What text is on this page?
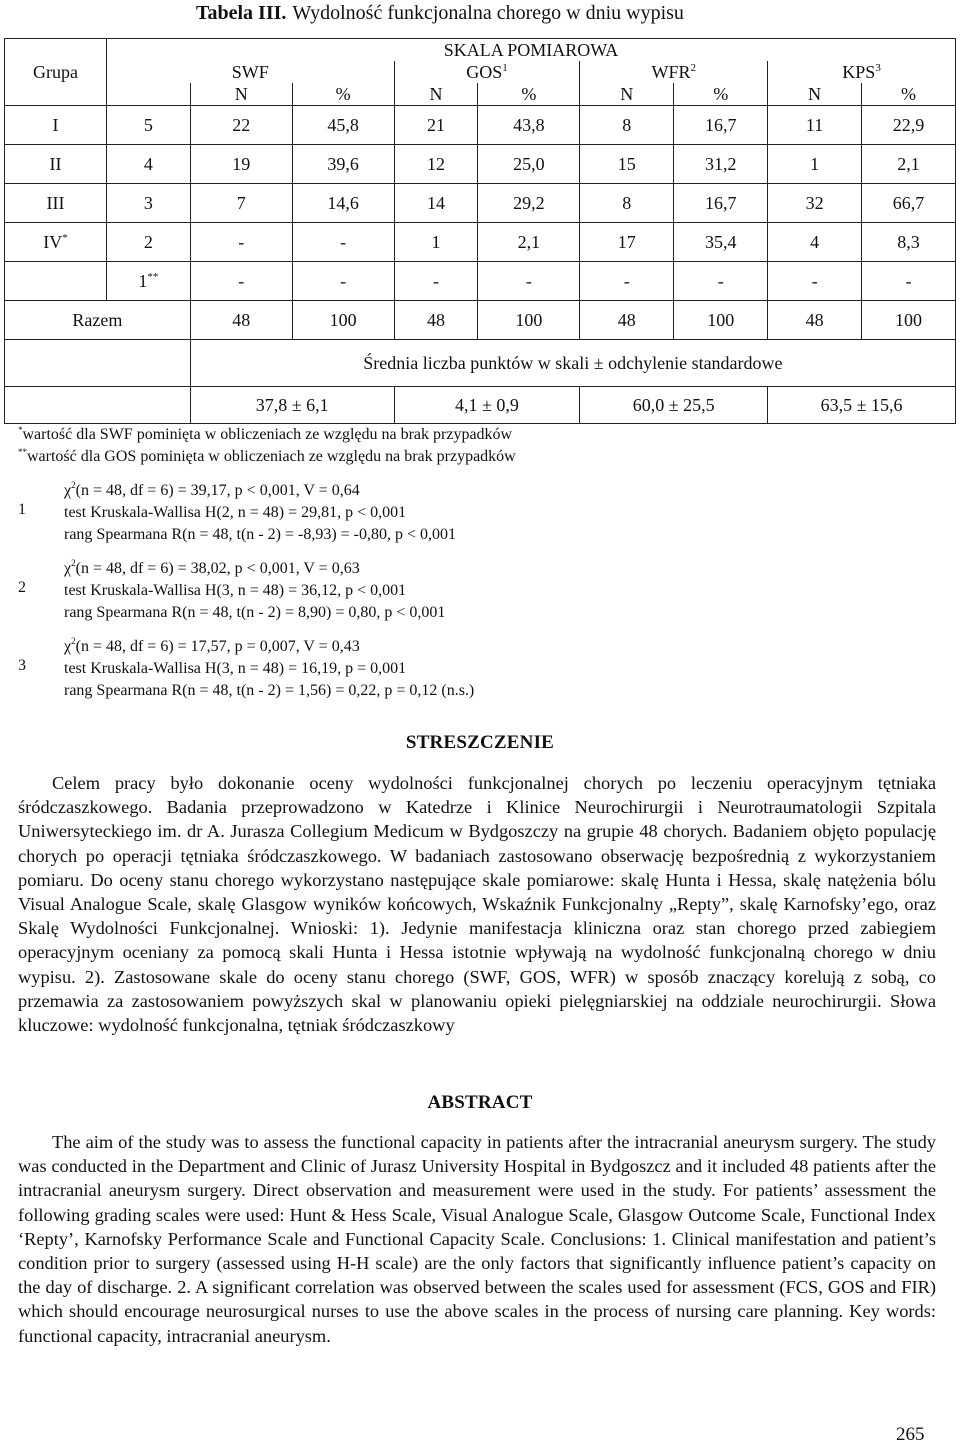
Tabela III. Wydolność funkcjonalna chorego w dniu wypisu
Grupa	SKALA POMIAROWA								
	SWF			GOS$^1$		WFR$^2$		KPS$^3$
		N	%	N	%	N	%	N	%
I	5	22	45,8	21	43,8	8	16,7	11	22,9
II	4	19	39,6	12	25,0	15	31,2	1	2,1
III	3	7	14,6	14	29,2	8	16,7	32	66,7
IV*	2	-	-	1	2,1	17	35,4	4	8,3
	1**	-	-	-	-	-	-	-	-
Razem		48	100	48	100	48	100	48	100
		Średnia liczba punktów w skali ± odchylenie standardowe							
		37,8 ± 6,1		4,1 ± 0,9		60,0 ± 25,5		63,5 ± 15,6	
*wartość dla SWF pominięta w obliczeniach ze względu na brak przypadków
**wartość dla GOS pominięta w obliczeniach ze względu na brak przypadków
1
$\chi^2(n = 48$, df = 6) = 39,17, p < 0,001, V = 0,64
test Kruskala-Wallisa H(2, n = 48) = 29,81, p < 0,001
rang Spearmana R(n = 48, t(n - 2) = -8,93) = -0,80, p < 0,001
2
$\chi^2(n = 48$, df = 6) = 38,02, p < 0,001, V = 0,63
test Kruskala-Wallisa H(3, n = 48) = 36,12, p < 0,001
rang Spearmana R(n = 48, t(n - 2) = 8,90) = 0,80, p < 0,001
3
$\chi^2(n = 48$, df = 6) = 17,57, p = 0,007, V = 0,43
test Kruskala-Wallisa H(3, n = 48) = 16,19, p = 0,001
rang Spearmana R(n = 48, t(n - 2) = 1,56) = 0,22, p = 0,12 (n.s.)
STRESZCZENIE
Celem pracy było dokonanie oceny wydolności funkcjonalnej chorych po leczeniu operacyjnym tętniaka śródczaszkowego. Badania przeprowadzono w Katedrze i Klinice Neurochirurgii i Neurotraumatologii Szpitala Uniwersyteckiego im. dr A. Jurasza Collegium Medicum w Bydgoszczy na grupie 48 chorych. Badaniem objęto populację chorych po operacji tętniaka śródczaszkowego. W badaniach zastosowano obserwację bezpośrednią z wykorzystaniem pomiaru. Do oceny stanu chorego wykorzystano następujące skale pomiarowe: skalę Hunta i Hessa, skalę natężenia bólu Visual Analogue Scale, skalę Glasgow wyników końcowych, Wskaźnik Funkcjonalny „Repty”, skalę Karnofsky’ego, oraz Skalę Wydolności Funkcjonalnej. Wnioski: 1). Jedynie manifestacja kliniczna oraz stan chorego przed zabiegiem operacyjnym oceniany za pomocą skali Hunta i Hessa istotnie wpływają na wydolność funkcjonalną chorego w dniu wypisu. 2). Zastosowane skale do oceny stanu chorego (SWF, GOS, WFR) w sposób znaczący korelują z sobą, co przemawia za zastosowaniem powyższych skal w planowaniu opieki pielęgniarskiej na oddziale neurochirurgii. Słowa kluczowe: wydolność funkcjonalna, tętniak śródczaszkowy
ABSTRACT
The aim of the study was to assess the functional capacity in patients after the intracranial aneurysm surgery. The study was conducted in the Department and Clinic of Jurasz University Hospital in Bydgoszcz and it included 48 patients after the intracranial aneurysm surgery. Direct observation and measurement were used in the study. For patients’ assessment the following grading scales were used: Hunt & Hess Scale, Visual Analogue Scale, Glasgow Outcome Scale, Functional Index ‘Repty’, Karnofsky Performance Scale and Functional Capacity Scale. Conclusions: 1. Clinical manifestation and patient’s condition prior to surgery (assessed using H-H scale) are the only factors that significantly influence patient’s capacity on the day of discharge. 2. A significant correlation was observed between the scales used for assessment (FCS, GOS and FIR) which should encourage neurosurgical nurses to use the above scales in the process of nursing care planning. Key words: functional capacity, intracranial aneurysm.
265
